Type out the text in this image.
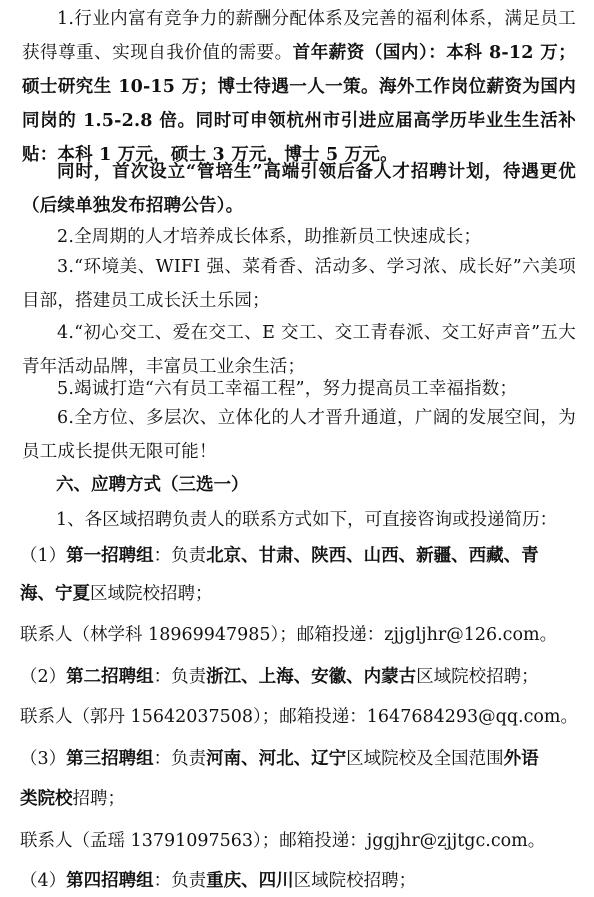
1.行业内富有竞争力的薪酬分配体系及完善的福利体系，满足员工获得尊重、实现自我价值的需要。首年薪资（国内）：本科 8-12 万；硕士研究生 10-15 万；博士待遇一人一策。海外工作岗位薪资为国内同岗的 1.5-2.8 倍。同时可申领杭州市引进应届高学历毕业生生活补贴：本科 1 万元，硕士 3 万元，博士 5 万元。

同时，首次设立“管培生”高端引领后备人才招聘计划，待遇更优（后续单独发布招聘公告）。

2.全周期的人才培养成长体系，助推新员工快速成长；

3.“环境美、WIFI 强、菜肴香、活动多、学习浓、成长好”六美项目部，搭建员工成长沃土乐园；

4.“初心交工、爱在交工、E 交工、交工青春派、交工好声音”五大青年活动品牌，丰富员工业余生活；

5.竭诚打造“六有员工幸福工程”，努力提高员工幸福指数；

6.全方位、多层次、立体化的人才晋升通道，广阔的发展空间，为员工成长提供无限可能！

六、应聘方式（三选一）

1、各区域招聘负责人的联系方式如下，可直接咨询或投递简历：

（1）第一招聘组：负责北京、甘肃、陕西、山西、新疆、西藏、青

海、宁夏区域院校招聘；

联系人（林学科 18969947985）；邮箱投递：zjjgljhr@126.com。

（2）第二招聘组：负责浙江、上海、安徽、内蒙古区域院校招聘；

联系人（郭丹 15642037508）；邮箱投递：1647684293@qq.com。

（3）第三招聘组：负责河南、河北、辽宁区域院校及全国范围外语

类院校招聘；

联系人（孟瑶 13791097563）；邮箱投递：jggjhr@zjjtgc.com。

（4）第四招聘组：负责重庆、四川区域院校招聘；
